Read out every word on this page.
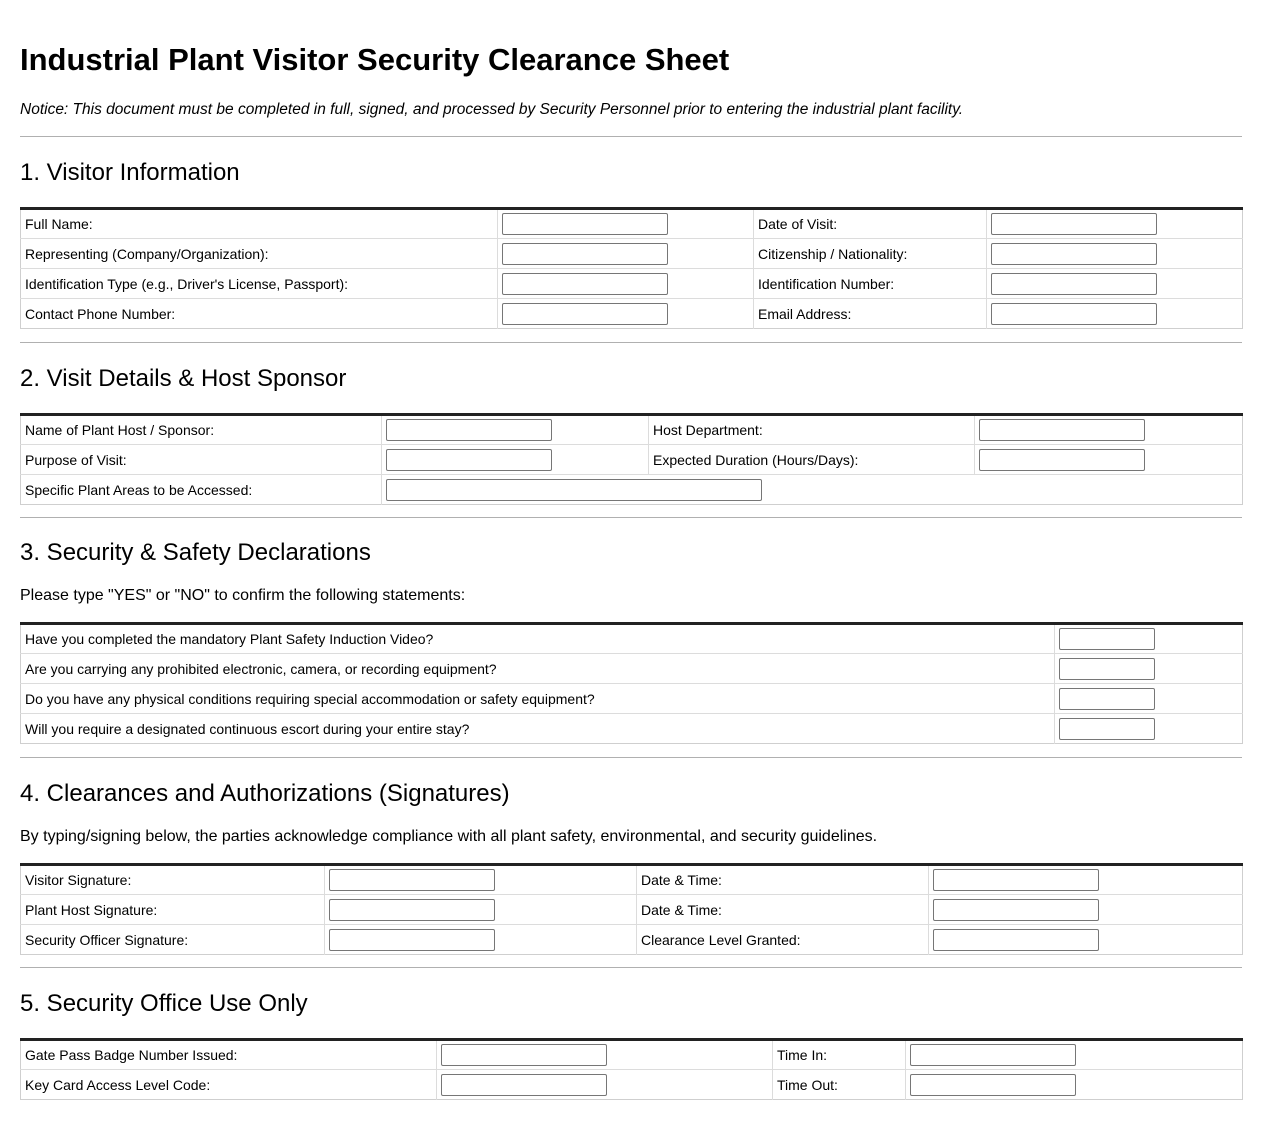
Industrial Plant Visitor Security Clearance Sheet

Notice: This document must be completed in full, signed, and processed by Security Personnel prior to entering the industrial plant facility.

1. Visitor Information
Full Name:		Date of Visit:	

Representing (Company/Organization):		Citizenship / Nationality:	

Identification Type (e.g., Driver's License, Passport):		Identification Number:	

Contact Phone Number:		Email Address:	
2. Visit Details & Host Sponsor
Name of Plant Host / Sponsor:		Host Department:	

Purpose of Visit:		Expected Duration (Hours/Days):	

Specific Plant Areas to be Accessed:	
3. Security & Safety Declarations

Please type "YES" or "NO" to confirm the following statements:

Have you completed the mandatory Plant Safety Induction Video?	

Are you carrying any prohibited electronic, camera, or recording equipment?	

Do you have any physical conditions requiring special accommodation or safety equipment?	

Will you require a designated continuous escort during your entire stay?	
4. Clearances and Authorizations (Signatures)

By typing/signing below, the parties acknowledge compliance with all plant safety, environmental, and security guidelines.

Visitor Signature:		Date & Time:	

Plant Host Signature:		Date & Time:	

Security Officer Signature:		Clearance Level Granted:	
5. Security Office Use Only
Gate Pass Badge Number Issued:		Time In:	

Key Card Access Level Code:		Time Out:	
